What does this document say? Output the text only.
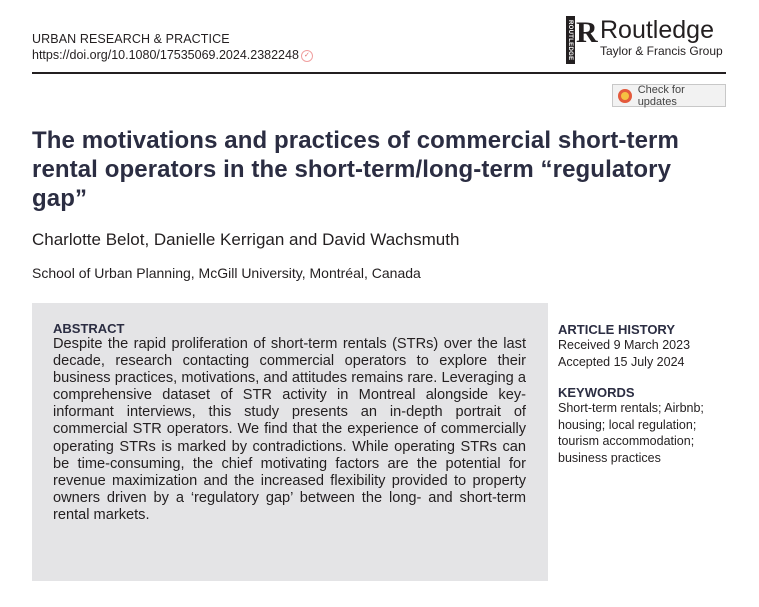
URBAN RESEARCH & PRACTICE
https://doi.org/10.1080/17535069.2024.2382248 ✓	ROUTLEDGE R Routledge
Taylor & Francis Group
Check for updates
The motivations and practices of commercial short-term rental operators in the short-term/long-term “regulatory gap”
Charlotte Belot, Danielle Kerrigan and David Wachsmuth
School of Urban Planning, McGill University, Montréal, Canada
ABSTRACT

Despite the rapid proliferation of short-term rentals (STRs) over the last decade, research contacting commercial operators to explore their business practices, motivations, and attitudes remains rare. Leveraging a comprehensive dataset of STR activity in Montreal alongside key-informant interviews, this study presents an in-depth portrait of commercial STR operators. We find that the experience of commercially operating STRs is marked by contradictions. While operating STRs can be time-consuming, the chief motivating factors are the potential for revenue maximization and the increased flexibility provided to property owners driven by a ‘regulatory gap’ between the long- and short-term rental markets.

ARTICLE HISTORY
Received 9 March 2023
Accepted 15 July 2024
KEYWORDS
Short-term rentals; Airbnb;
housing; local regulation;
tourism accommodation;
business practices
